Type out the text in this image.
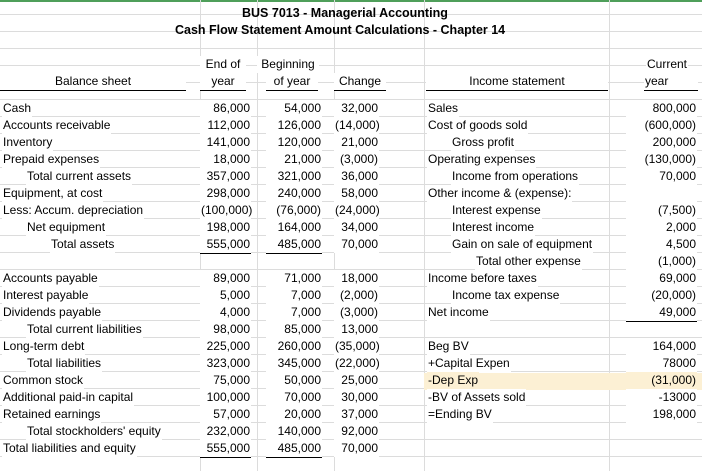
BUS 7013 - Managerial Accounting
Cash Flow Statement Amount Calculations - Chapter 14
End of
year
Beginning
of year	Change
Balance sheet	Income statement
Current
year
Cash	86,000	54,000	32,000
Accounts receivable	112,000	126,000 (14,000)
Inventory	141,000	120,000	21,000
Prepaid expenses	18,000	21,000	(3,000)
Total current assets	357,000	321,000	36,000
Equipment, at cost	298,000	240,000	58,000
Less: Accum. depreciation	(100,000)	(76,000) (24,000)
Net equipment	198,000	164,000	34,000
Total assets	555,000	485,000	70,000
Accounts payable	89,000	71,000	18,000
Interest payable	5,000	7,000	(2,000)
Dividends payable	4,000	7,000	(3,000)
Total current liabilities	98,000	85,000	13,000
Long-term debt	225,000	260,000 (35,000)
Total liabilities	323,000	345,000 (22,000)
Common stock	75,000	50,000	25,000
Additional paid-in capital	100,000	70,000	30,000
Retained earnings	57,000	20,000	37,000
Total stockholders' equity	232,000	140,000	92,000
Total liabilities and equity	555,000	485,000	70,000
Sales	800,000
Cost of goods sold	(600,000)
Gross profit	200,000
Operating expenses	(130,000)
Income from operations	70,000
Other income & (expense):
Interest expense	(7,500)
Interest income	2,000
Gain on sale of equipment	4,500
Total other expense	(1,000)
Income before taxes	69,000
Income tax expense	(20,000)
Net income	49,000
Beg BV	164,000
+Capital Expen	78000
-Dep Exp	(31,000)
-BV of Assets sold	-13000
=Ending BV	198,000
